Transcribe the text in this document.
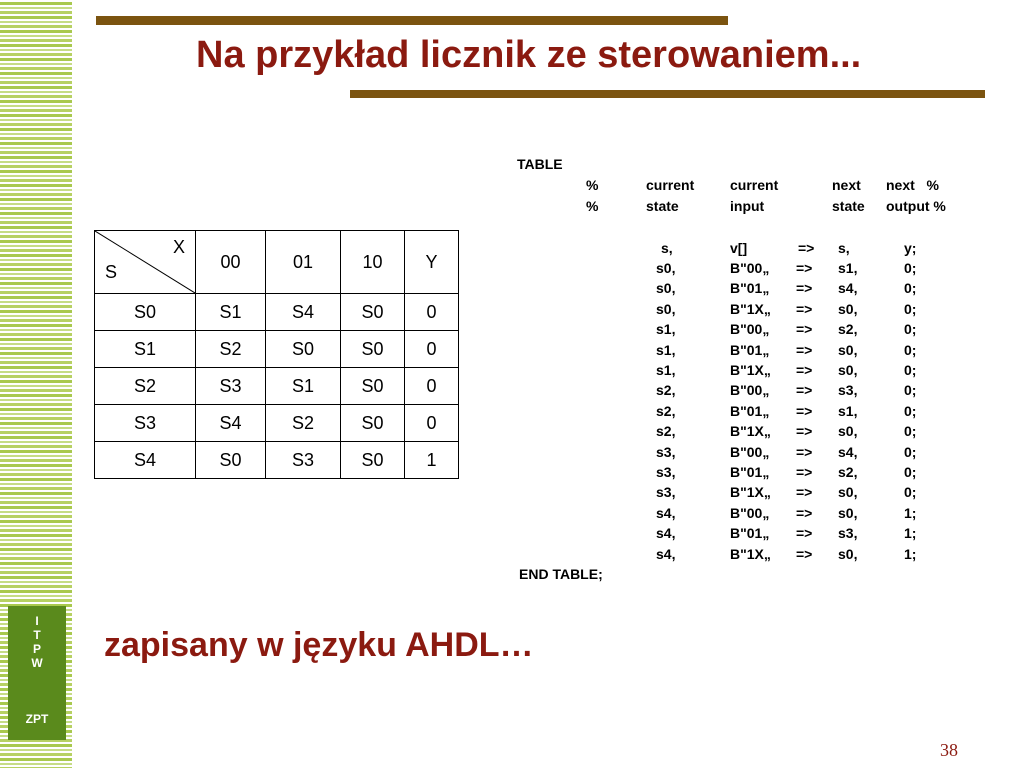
I
T
P
W
ZPT
Na przykład licznik ze sterowaniem...
X
S	00	01	10	Y
S0	S1	S4	S0	0
S1	S2	S0	S0	0
S2	S3	S1	S0	0
S3	S4	S2	S0	0
S4	S0	S3	S0	1
TABLE
%	current	current	next next   %
%	state	input	state output %
s,	v[]	=> s,	y;
s0,	B"00„ => s1,	0;
s0,	B"01„ => s4,	0;
s0,	B"1X„ => s0,	0;
s1,	B"00„ => s2,	0;
s1,	B"01„ => s0,	0;
s1,	B"1X„ => s0,	0;
s2,	B"00„ => s3,	0;
s2,	B"01„ => s1,	0;
s2,	B"1X„ => s0,	0;
s3,	B"00„ => s4,	0;
s3,	B"01„ => s2,	0;
s3,	B"1X„ => s0,	0;
s4,	B"00„ => s0,	1;
s4,	B"01„ => s3,	1;
s4,	B"1X„ => s0,	1;
END TABLE;
zapisany w języku AHDL…
38
